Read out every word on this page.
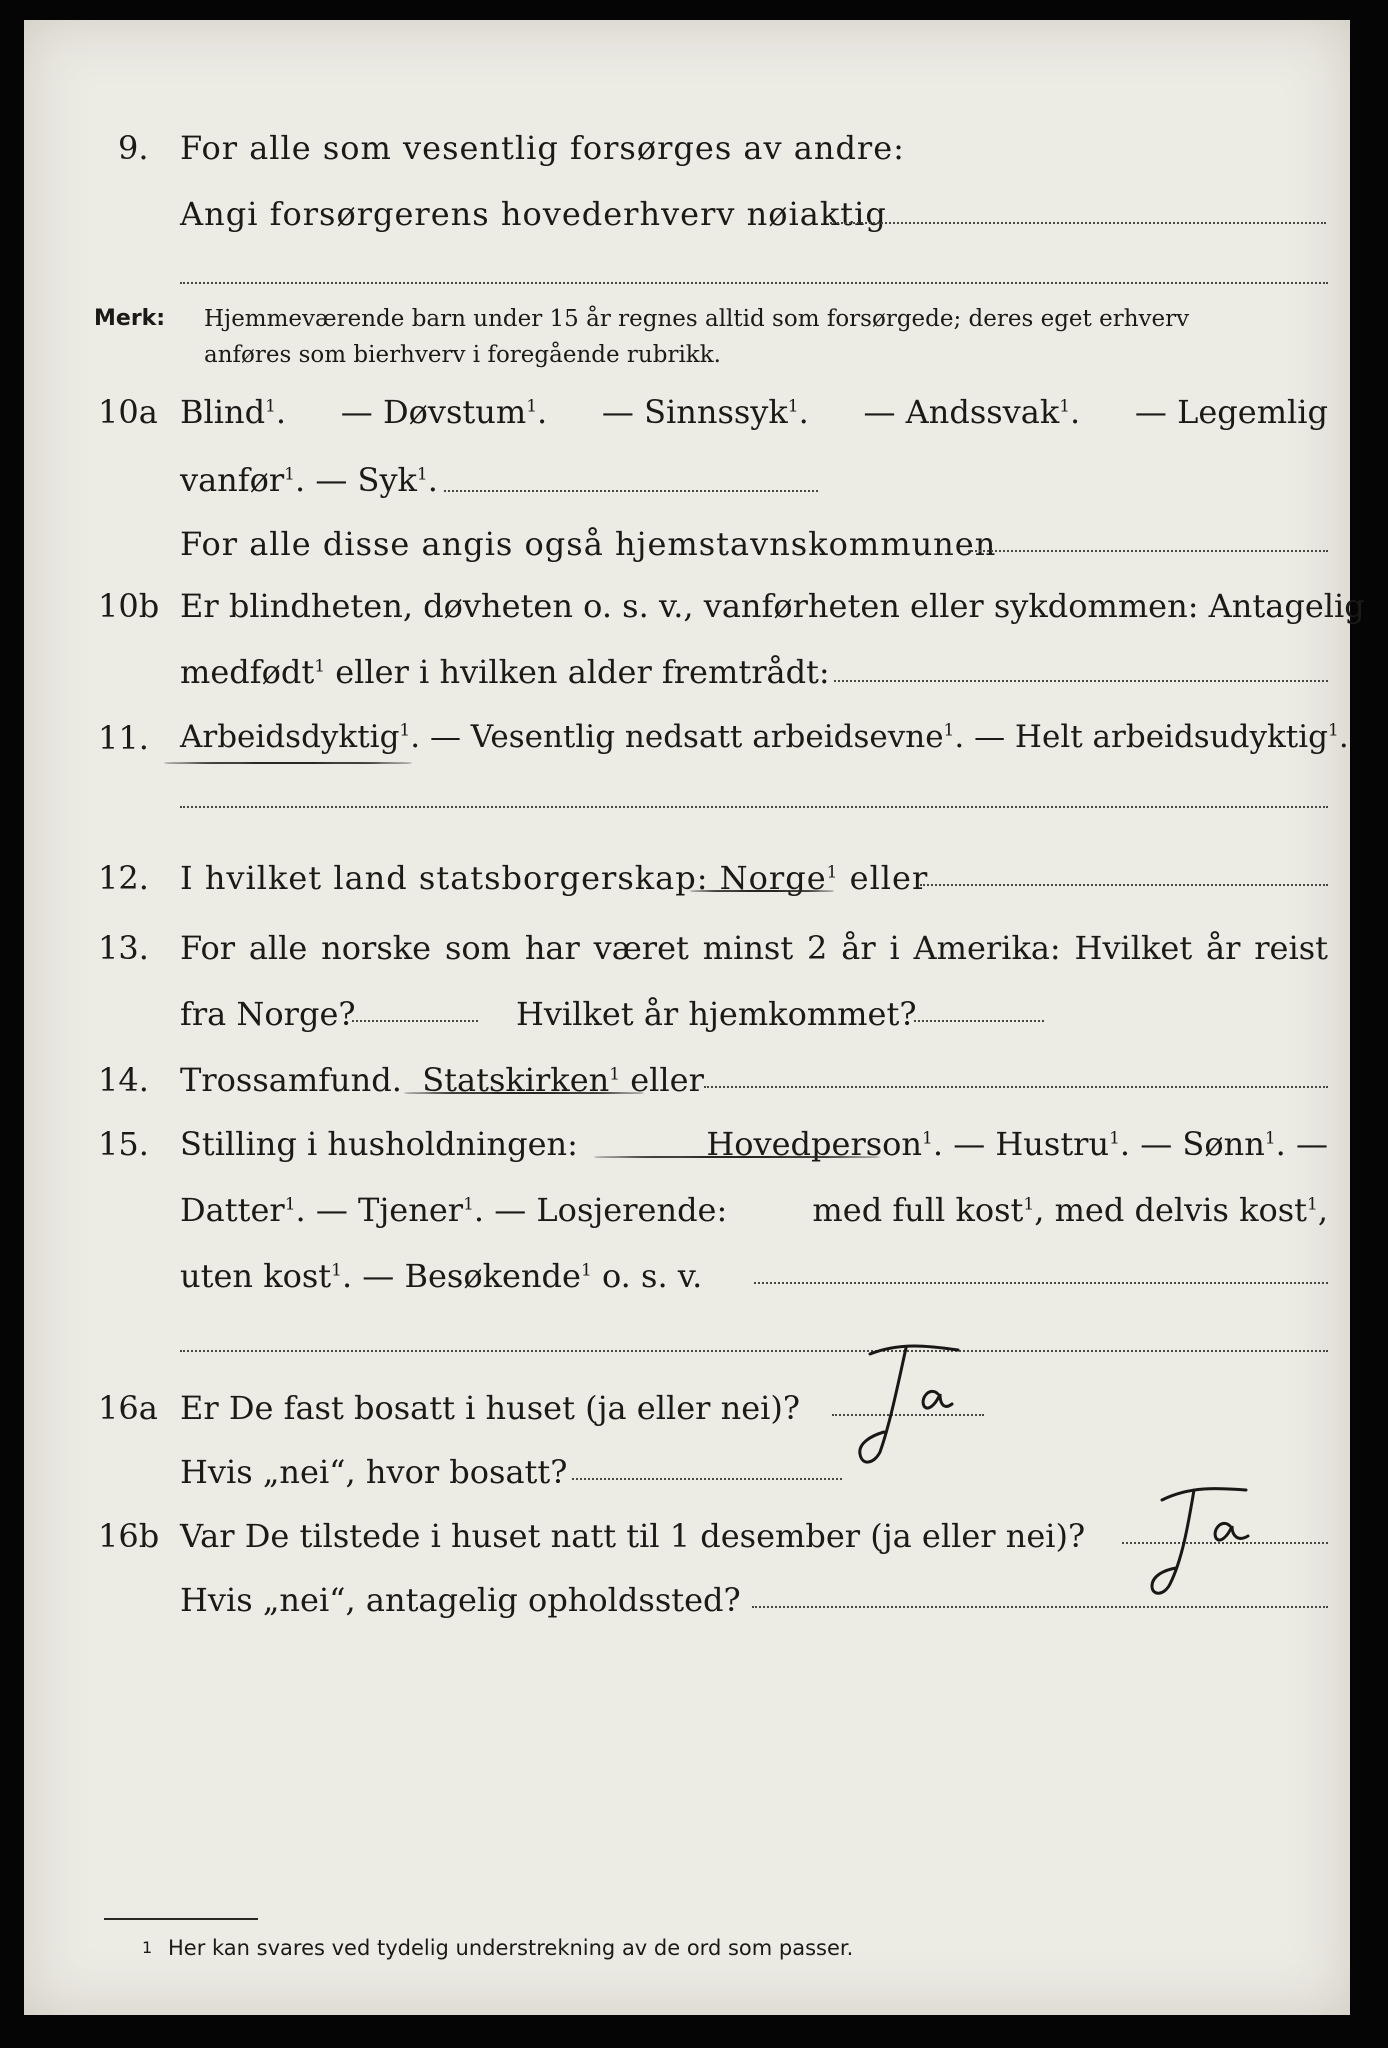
9. For alle som vesentlig forsørges av andre:
Angi forsørgerens hovederhverv nøiaktig
Merk: Hjemmeværende barn under 15 år regnes alltid som forsørgede; deres eget erhverv
anføres som bierhverv i foregående rubrikk.
10a Blind$^1$. — Døvstum$^1$. — Sinnssyk$^1$. — Andssvak$^1$. — Legemlig
vanfør$^1$. — Syk$^1$.
For alle disse angis også hjemstavnskommunen
10b Er blindheten, døvheten o. s. v., vanførheten eller sykdommen: Antagelig
medfødt$^1$ eller i hvilken alder fremtrådt:
11. Arbeidsdyktig$^1$. — Vesentlig nedsatt arbeidsevne$^1$. — Helt arbeidsudyktig$^1$.
12. I hvilket land statsborgerskap: Norge$^1$ eller
13. For alle norske som har været minst 2 år i Amerika: Hvilket år reist
fra Norge?	Hvilket år hjemkommet?
14. Trossamfund. Statskirken$^1$ eller
15. Stilling i husholdningen:	Hovedperson$^1$. — Hustru$^1$. — Sønn$^1$. —
Datter$^1$. — Tjener$^1$. — Losjerende:	med full kost$^1$, med delvis kost$^1$,
uten kost$^1$. — Besøkende$^1$ o. s. v.
16a Er De fast bosatt i huset (ja eller nei)?
Ja
Hvis „nei“, hvor bosatt?
16b Var De tilstede i huset natt til 1 desember (ja eller nei)?
Ja
Hvis „nei“, antagelig opholdssted?
1 Her kan svares ved tydelig understrekning av de ord som passer.
